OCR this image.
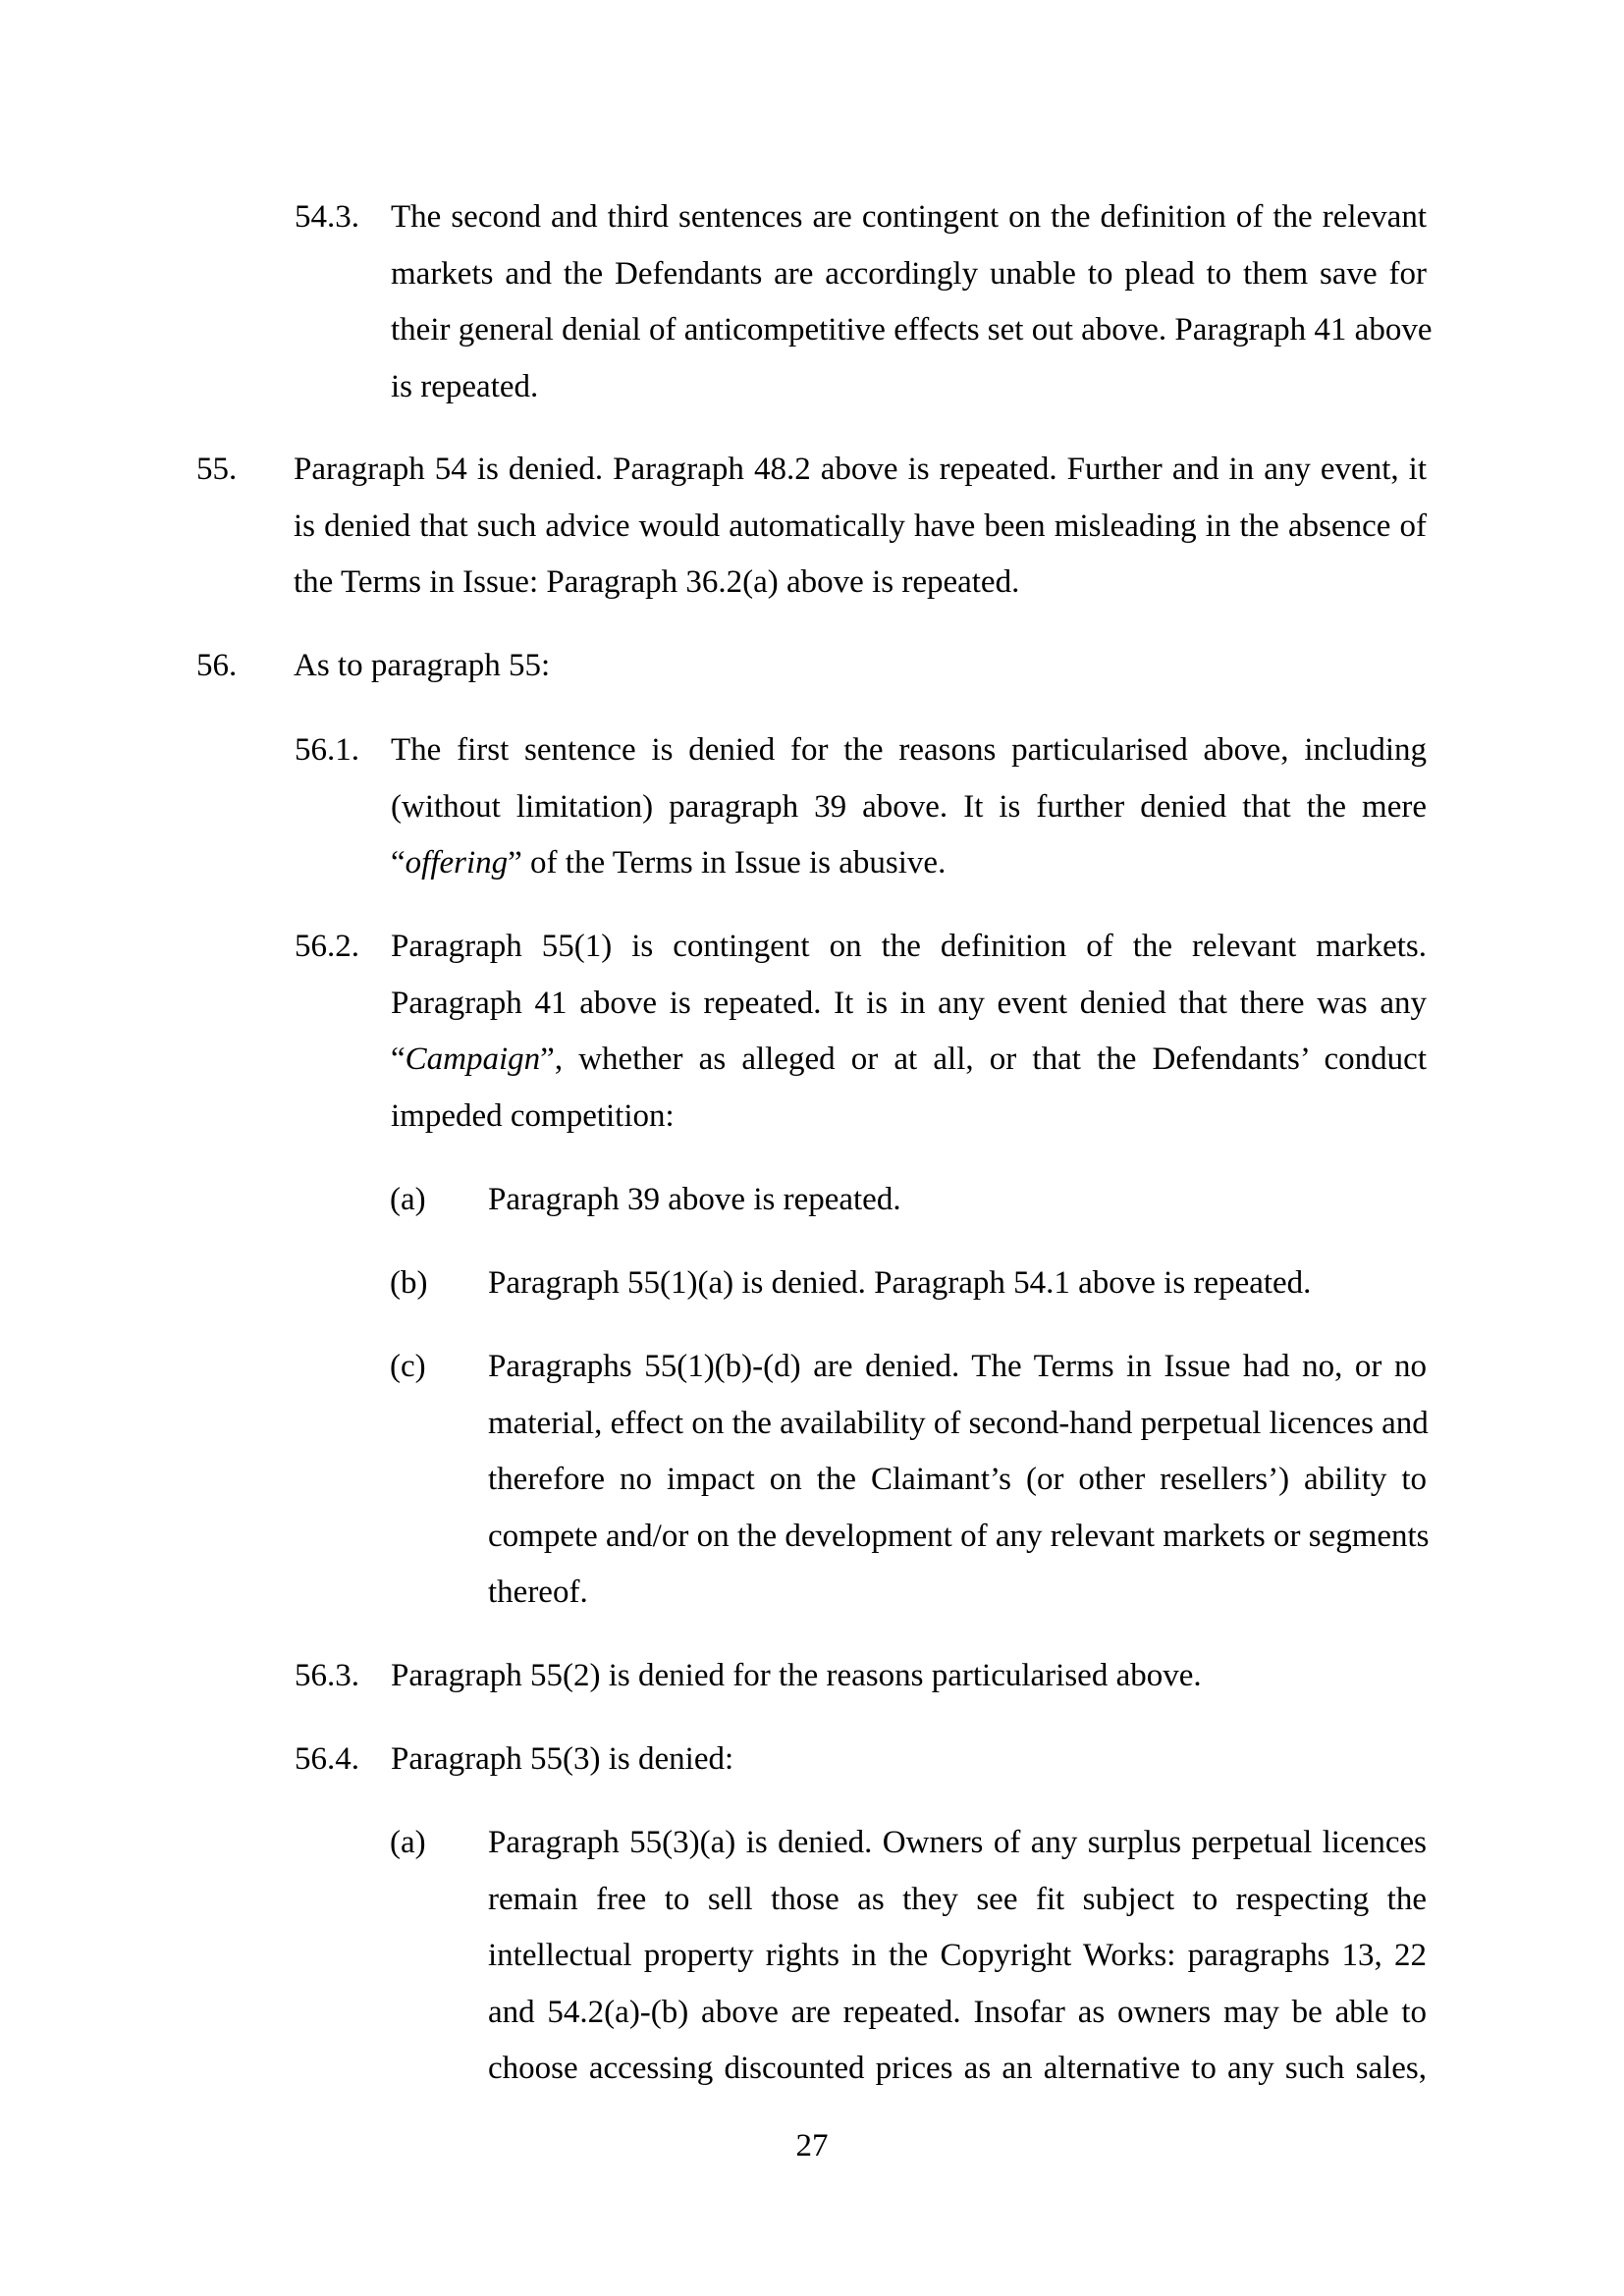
54.3. The second and third sentences are contingent on the definition of the relevant
markets and the Defendants are accordingly unable to plead to them save for
their general denial of anticompetitive effects set out above. Paragraph 41 above
is repeated.
55. Paragraph 54 is denied. Paragraph 48.2 above is repeated. Further and in any event, it
is denied that such advice would automatically have been misleading in the absence of
the Terms in Issue: Paragraph 36.2(a) above is repeated.
56. As to paragraph 55:
56.1. The first sentence is denied for the reasons particularised above, including
(without limitation) paragraph 39 above. It is further denied that the mere
“offering” of the Terms in Issue is abusive.
56.2. Paragraph 55(1) is contingent on the definition of the relevant markets.
Paragraph 41 above is repeated. It is in any event denied that there was any
“Campaign”, whether as alleged or at all, or that the Defendants’ conduct
impeded competition:
(a) Paragraph 39 above is repeated.
(b) Paragraph 55(1)(a) is denied. Paragraph 54.1 above is repeated.
(c) Paragraphs 55(1)(b)-(d) are denied. The Terms in Issue had no, or no
material, effect on the availability of second-hand perpetual licences and
therefore no impact on the Claimant’s (or other resellers’) ability to
compete and/or on the development of any relevant markets or segments
thereof.
56.3. Paragraph 55(2) is denied for the reasons particularised above.
56.4. Paragraph 55(3) is denied:
(a) Paragraph 55(3)(a) is denied. Owners of any surplus perpetual licences
remain free to sell those as they see fit subject to respecting the
intellectual property rights in the Copyright Works: paragraphs 13, 22
and 54.2(a)-(b) above are repeated. Insofar as owners may be able to
choose accessing discounted prices as an alternative to any such sales,
27
